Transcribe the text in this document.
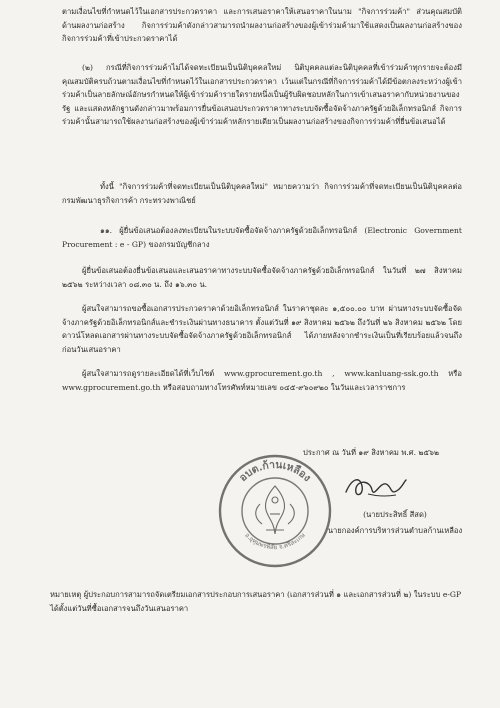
ตามเงื่อนไขที่กำหนดไว้ในเอกสารประกวดราคา และการเสนอราคาให้เสนอราคาในนาม "กิจการร่วมค้า" ส่วนคุณสมบัติด้านผลงานก่อสร้าง กิจการร่วมค้าดังกล่าวสามารถนำผลงานก่อสร้างของผู้เข้าร่วมค้ามาใช้แสดงเป็นผลงานก่อสร้างของกิจการร่วมค้าที่เข้าประกวดราคาได้
(๒) กรณีที่กิจการร่วมค้าไม่ได้จดทะเบียนเป็นนิติบุคคลใหม่ นิติบุคคลแต่ละนิติบุคคลที่เข้าร่วมค้าทุกรายจะต้องมีคุณสมบัติครบถ้วนตามเงื่อนไขที่กำหนดไว้ในเอกสารประกวดราคา เว้นแต่ในกรณีที่กิจการร่วมค้าได้มีข้อตกลงระหว่างผู้เข้าร่วมค้าเป็นลายลักษณ์อักษรกำหนดให้ผู้เข้าร่วมค้ารายใดรายหนึ่งเป็นผู้รับผิดชอบหลักในการเข้าเสนอราคากับหน่วยงานของรัฐ และแสดงหลักฐานดังกล่าวมาพร้อมการยื่นข้อเสนอประกวดราคาทางระบบจัดซื้อจัดจ้างภาครัฐด้วยอิเล็กทรอนิกส์ กิจการร่วมค้านั้นสามารถใช้ผลงานก่อสร้างของผู้เข้าร่วมค้าหลักรายเดียวเป็นผลงานก่อสร้างของกิจการร่วมค้าที่ยื่นข้อเสนอได้
ทั้งนี้ "กิจการร่วมค้าที่จดทะเบียนเป็นนิติบุคคลใหม่" หมายความว่า กิจการร่วมค้าที่จดทะเบียนเป็นนิติบุคคลต่อกรมพัฒนาธุรกิจการค้า กระทรวงพาณิชย์
๑๑. ผู้ยื่นข้อเสนอต้องลงทะเบียนในระบบจัดซื้อจัดจ้างภาครัฐด้วยอิเล็กทรอนิกส์ (Electronic Government Procurement : e - GP) ของกรมบัญชีกลาง
ผู้ยื่นข้อเสนอต้องยื่นข้อเสนอและเสนอราคาทางระบบจัดซื้อจัดจ้างภาครัฐด้วยอิเล็กทรอนิกส์ ในวันที่ ๒๗ สิงหาคม ๒๕๖๒ ระหว่างเวลา ๐๘.๓๐ น. ถึง ๑๖.๓๐ น.
ผู้สนใจสามารถขอซื้อเอกสารประกวดราคาด้วยอิเล็กทรอนิกส์ ในราคาชุดละ ๑,๕๐๐.๐๐ บาท ผ่านทางระบบจัดซื้อจัดจ้างภาครัฐด้วยอิเล็กทรอนิกส์และชำระเงินผ่านทางธนาคาร ตั้งแต่วันที่ ๑๙ สิงหาคม ๒๕๖๒ ถึงวันที่ ๒๖ สิงหาคม ๒๕๖๒ โดยดาวน์โหลดเอกสารผ่านทางระบบจัดซื้อจัดจ้างภาครัฐด้วยอิเล็กทรอนิกส์ ได้ภายหลังจากชำระเงินเป็นที่เรียบร้อยแล้วจนถึงก่อนวันเสนอราคา
ผู้สนใจสามารถดูรายละเอียดได้ที่เว็บไซต์ www.gprocurement.go.th , www.kanluang-ssk.go.th หรือ www.gprocurement.go.th หรือสอบถามทางโทรศัพท์หมายเลข ๐๔๕-๙๖๐๙๒๐ ในวันและเวลาราชการ
ประกาศ ณ วันที่ ๑๙ สิงหาคม พ.ศ. ๒๕๖๒
อบต.ก้านเหลือง
อ.อุทุมพรพิสัย จ.ศรีสะเกษ
(นายประสิทธิ์ สีสด)
นายกองค์การบริหารส่วนตำบลก้านเหลือง
หมายเหตุ ผู้ประกอบการสามารถจัดเตรียมเอกสารประกอบการเสนอราคา (เอกสารส่วนที่ ๑ และเอกสารส่วนที่ ๒) ในระบบ e-GP ได้ตั้งแต่วันที่ซื้อเอกสารจนถึงวันเสนอราคา
